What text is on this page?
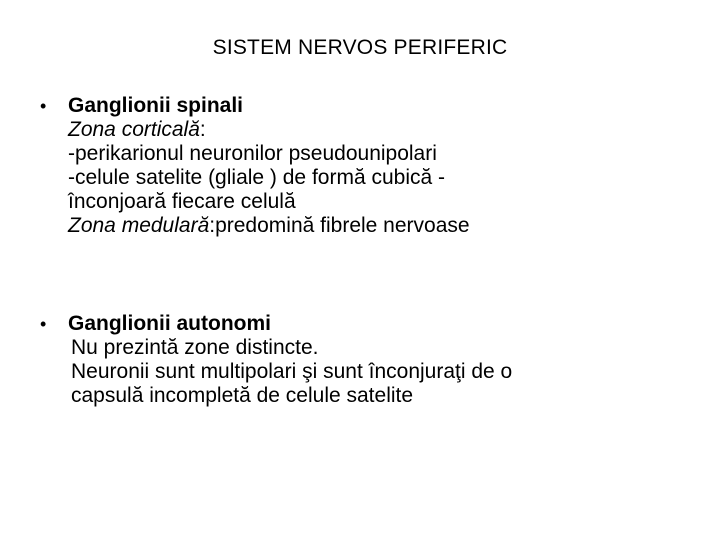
SISTEM NERVOS PERIFERIC
•	Ganglionii spinali
Zona corticală:
-perikarionul neuronilor pseudounipolari
-celule satelite (gliale ) de formă cubică -
înconjoară fiecare celulă
Zona medulară:predomină fibrele nervoase
•	Ganglionii autonomi
Nu prezintă zone distincte.
Neuronii sunt multipolari şi sunt înconjuraţi de o
capsulă incompletă de celule satelite
